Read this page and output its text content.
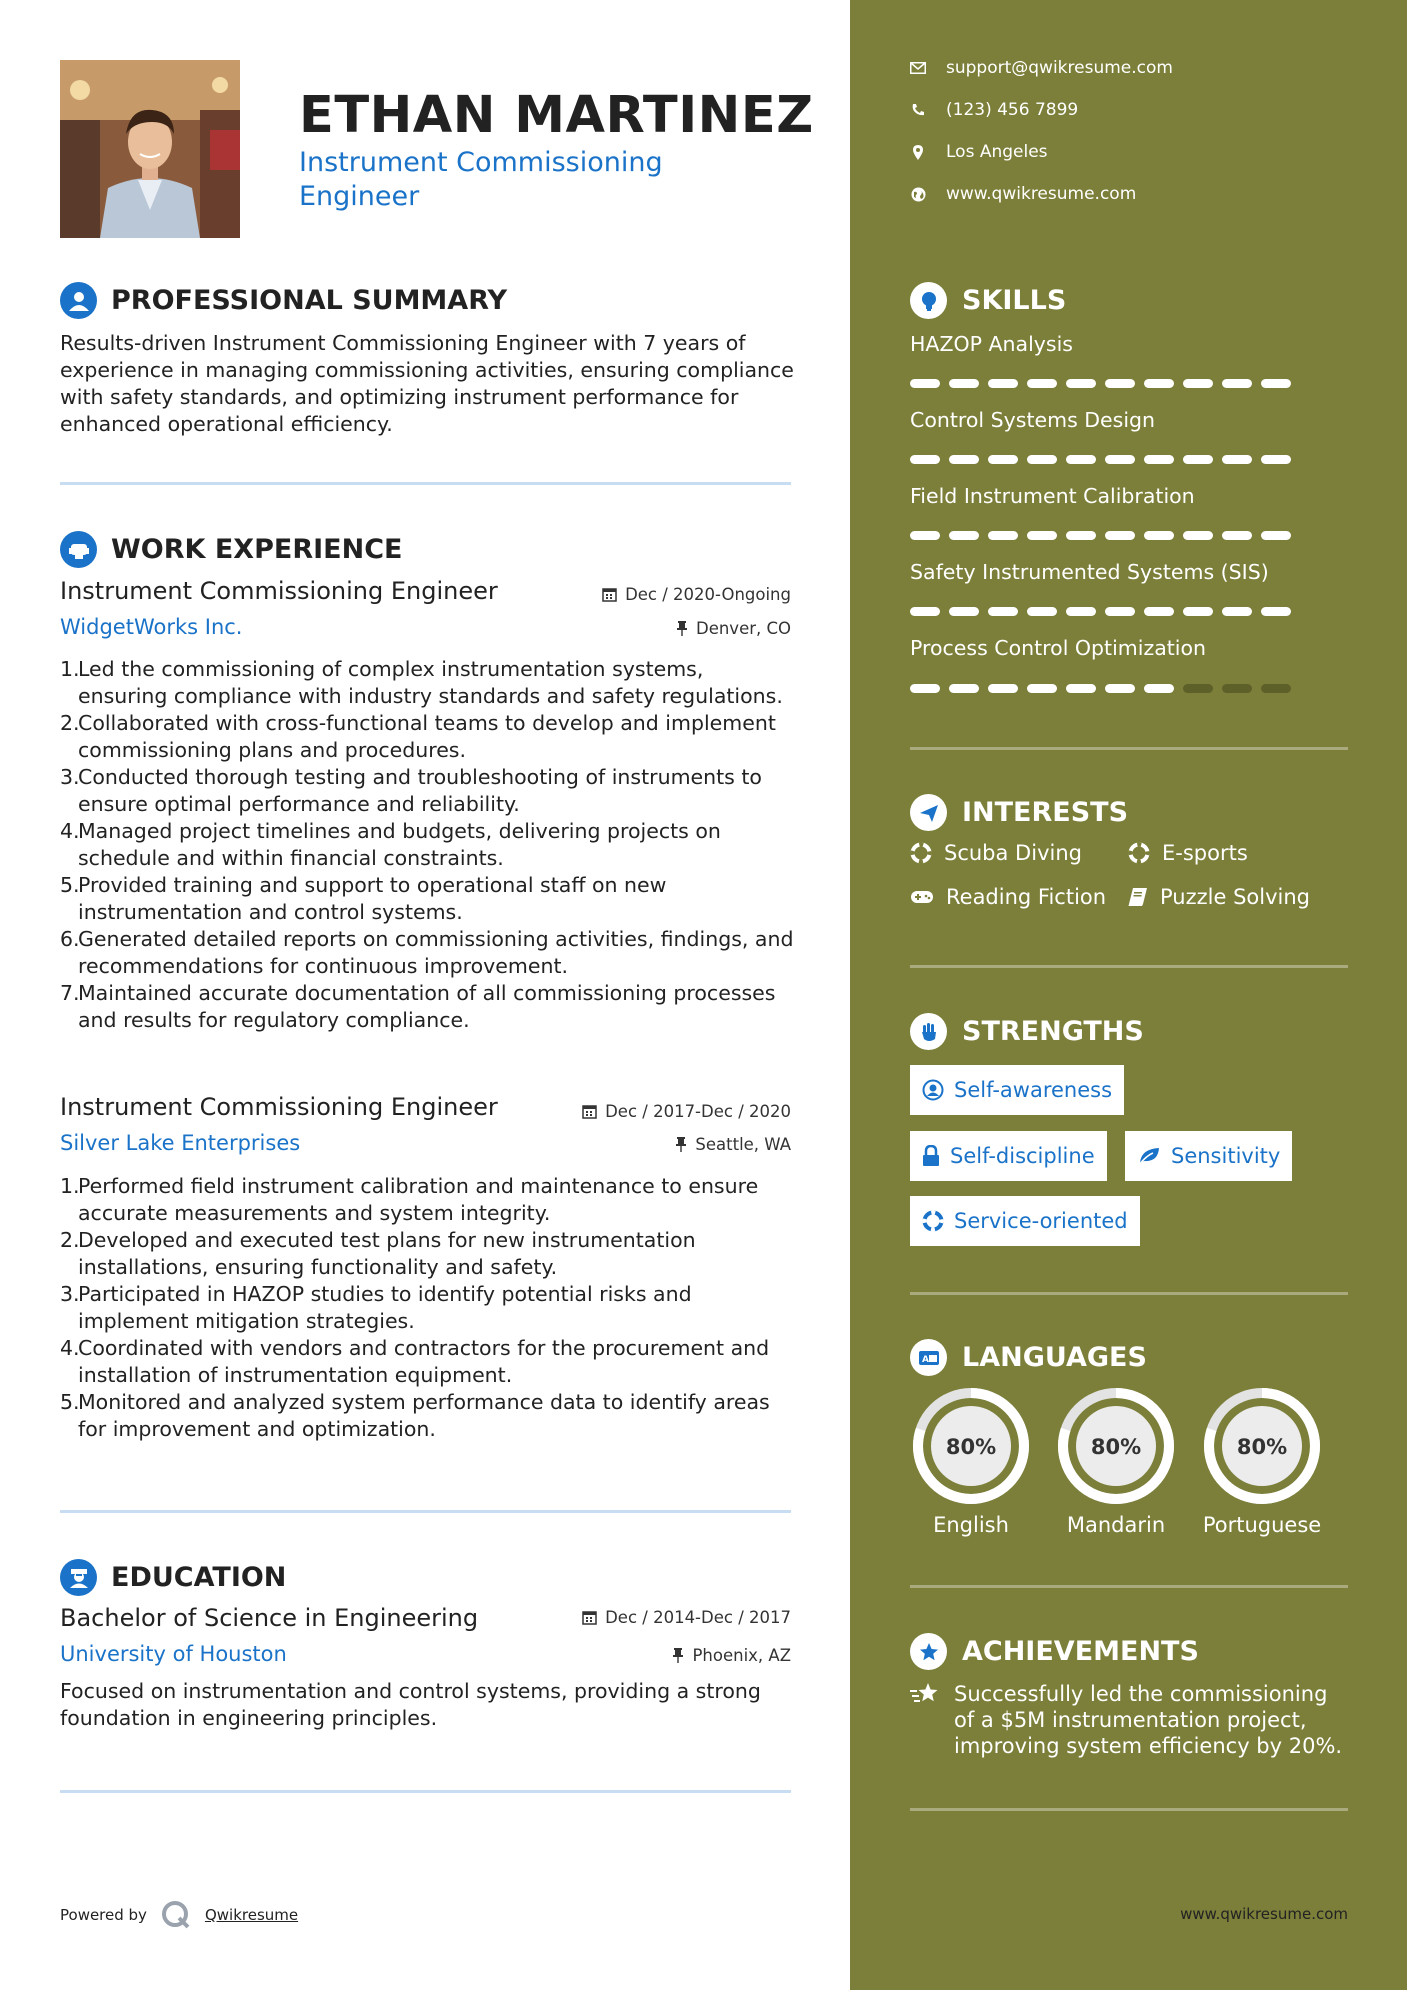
ETHAN MARTINEZ
Instrument Commissioning Engineer
PROFESSIONAL SUMMARY
Results-driven Instrument Commissioning Engineer with 7 years of experience in managing commissioning activities, ensuring compliance with safety standards, and optimizing instrument performance for enhanced operational efficiency.
WORK EXPERIENCE
Instrument Commissioning Engineer	Dec / 2020-Ongoing
WidgetWorks Inc.	Denver, CO
1.
Led the commissioning of complex instrumentation systems, ensuring compliance with industry standards and safety regulations.
2.
Collaborated with cross-functional teams to develop and implement commissioning plans and procedures.
3.
Conducted thorough testing and troubleshooting of instruments to ensure optimal performance and reliability.
4.
Managed project timelines and budgets, delivering projects on schedule and within financial constraints.
5.
Provided training and support to operational staff on new instrumentation and control systems.
6.
Generated detailed reports on commissioning activities, findings, and recommendations for continuous improvement.
7.
Maintained accurate documentation of all commissioning processes and results for regulatory compliance.
Instrument Commissioning Engineer	Dec / 2017-Dec / 2020
Silver Lake Enterprises	Seattle, WA
1.
Performed field instrument calibration and maintenance to ensure accurate measurements and system integrity.
2.
Developed and executed test plans for new instrumentation installations, ensuring functionality and safety.
3.
Participated in HAZOP studies to identify potential risks and implement mitigation strategies.
4.
Coordinated with vendors and contractors for the procurement and installation of instrumentation equipment.
5.
Monitored and analyzed system performance data to identify areas for improvement and optimization.
EDUCATION
Bachelor of Science in Engineering	Dec / 2014-Dec / 2017
University of Houston	Phoenix, AZ
Focused on instrumentation and control systems, providing a strong foundation in engineering principles.
Powered by	Qwikresume
support@qwikresume.com
(123) 456 7899
Los Angeles
www.qwikresume.com
SKILLS
HAZOP Analysis
Control Systems Design
Field Instrument Calibration
Safety Instrumented Systems (SIS)
Process Control Optimization
INTERESTS
Scuba Diving	E-sports
Reading Fiction	Puzzle Solving
STRENGTHS
Self-awareness
Self-discipline	Sensitivity
Service-oriented
A LANGUAGES
80%
English
80%
Mandarin
80%
Portuguese
ACHIEVEMENTS
Successfully led the commissioning of a $5M instrumentation project, improving system efficiency by 20%.
www.qwikresume.com
